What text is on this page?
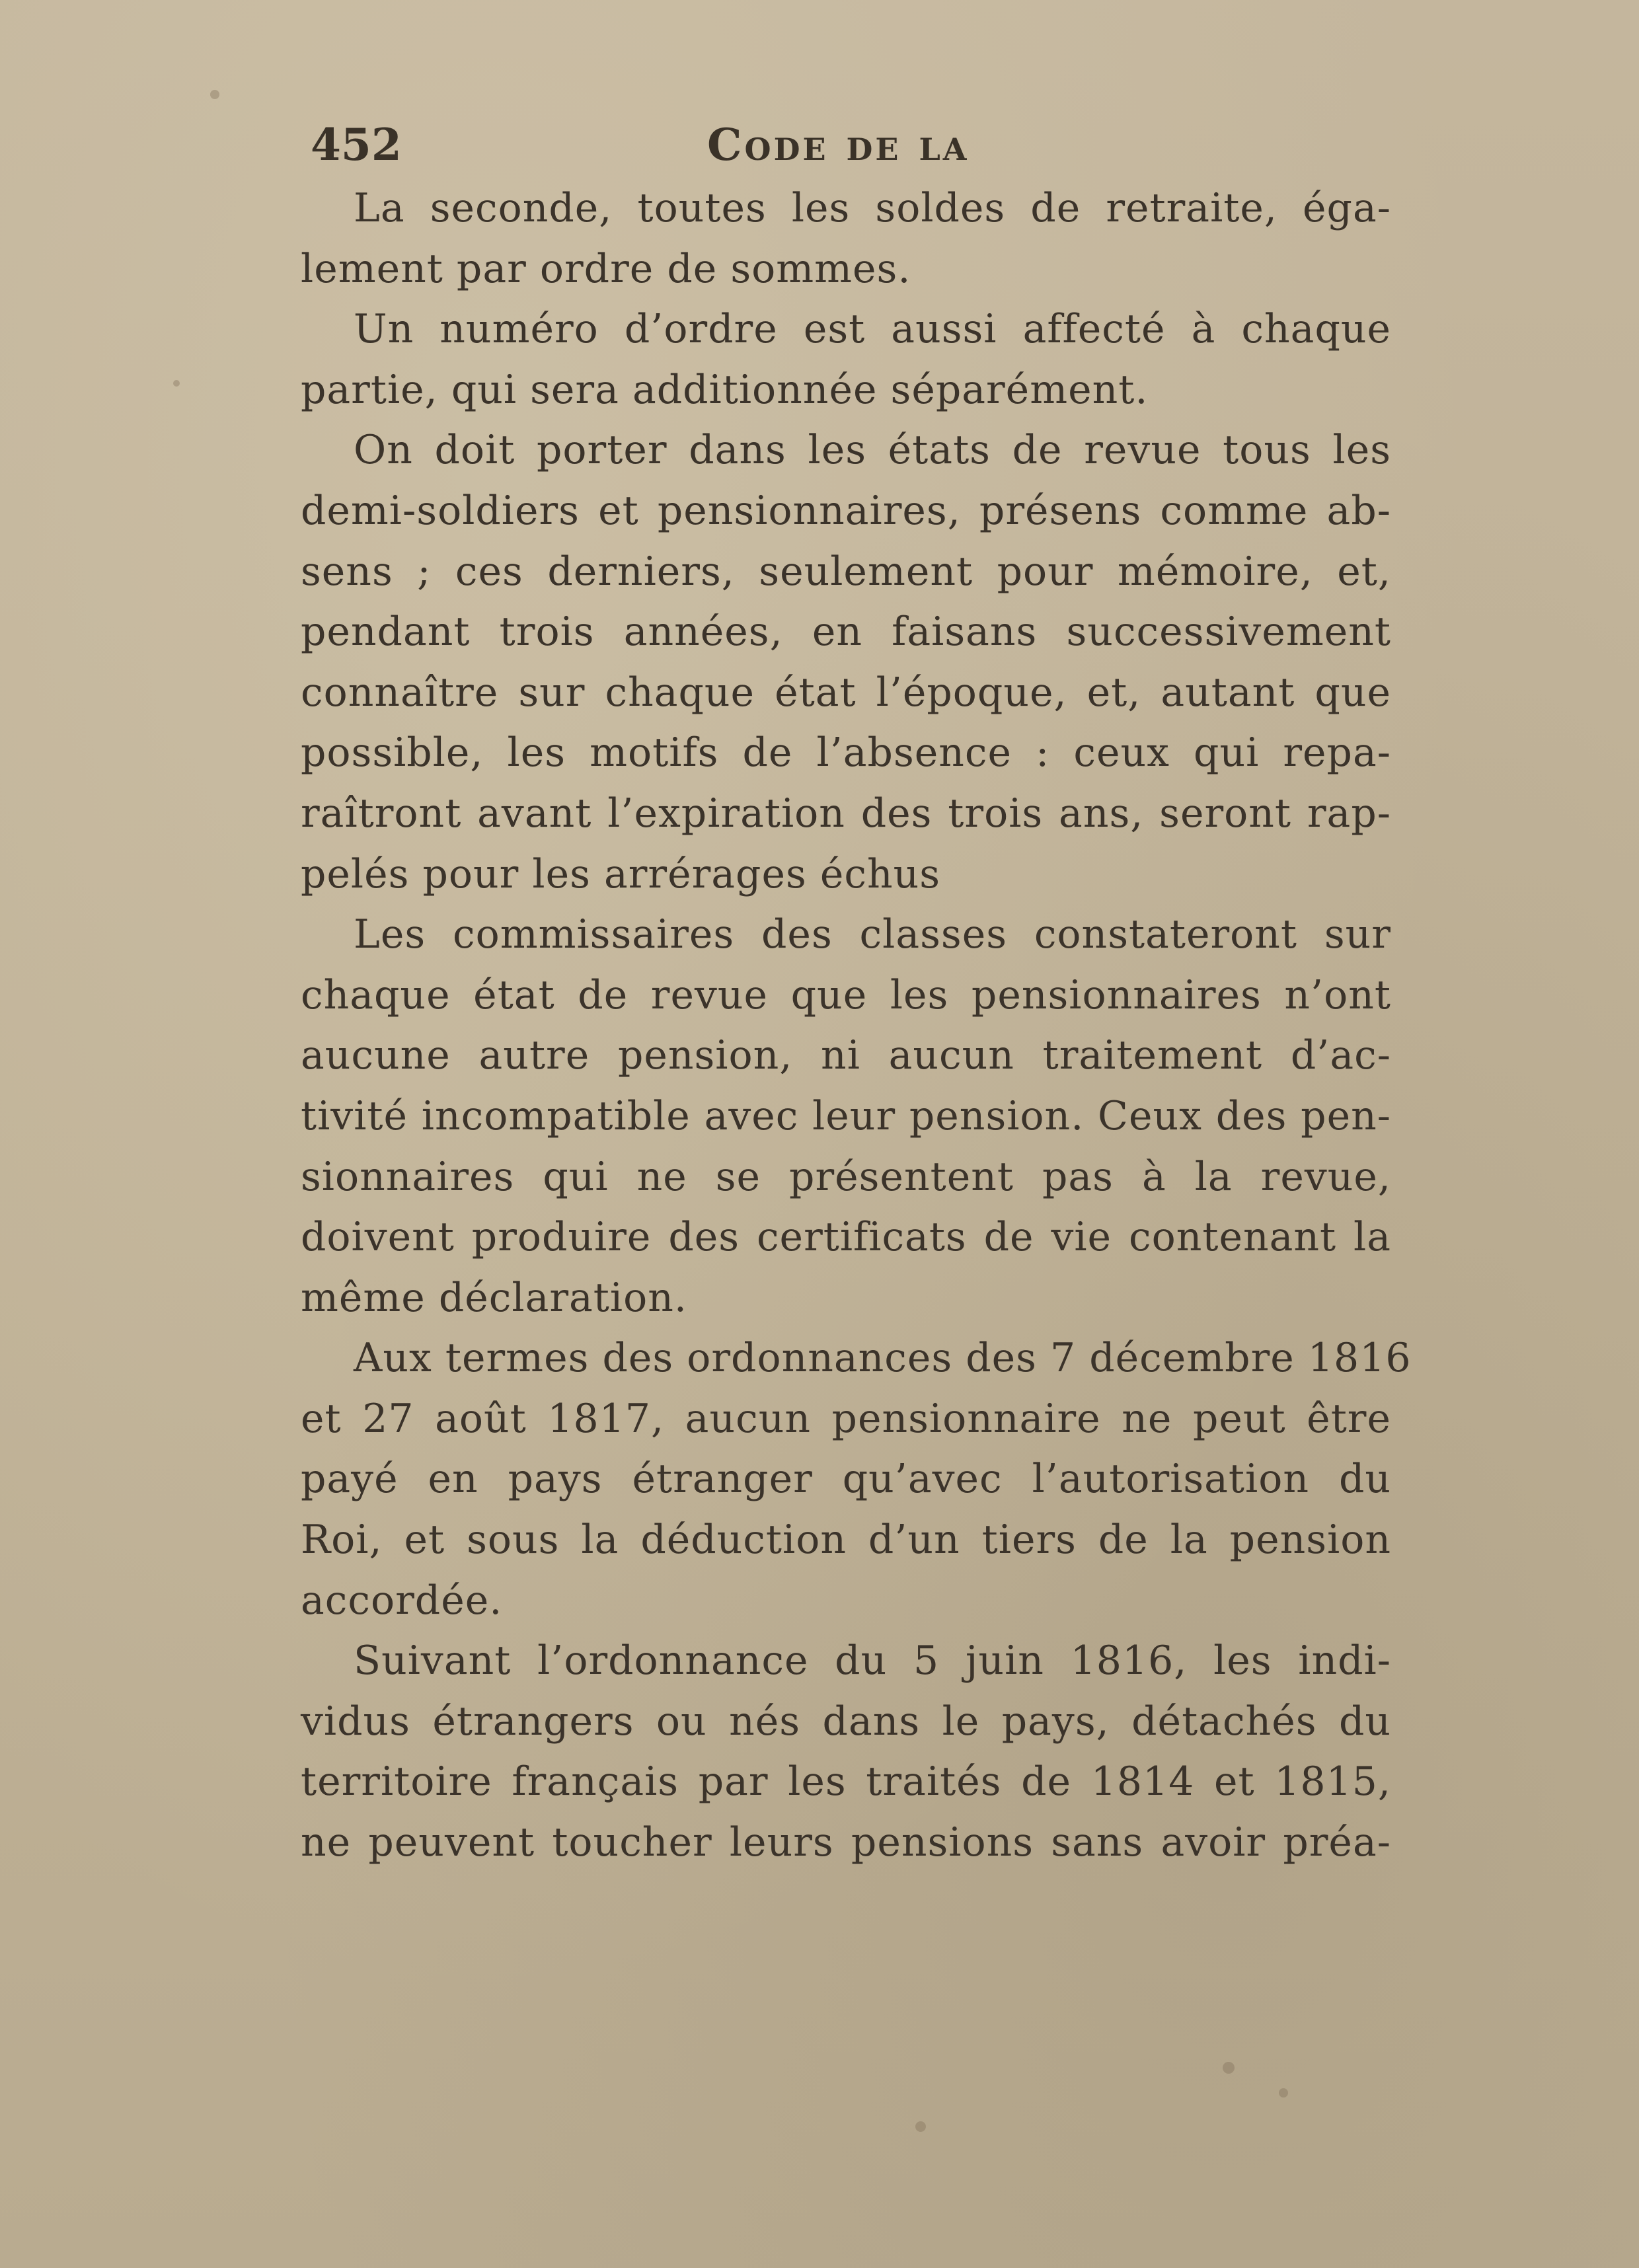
452	Code de la

La seconde, toutes les soldes de retraite, éga-
lement par ordre de sommes.

Un numéro d’ordre est aussi affecté à chaque
partie, qui sera additionnée séparément.

On doit porter dans les états de revue tous les
demi-soldiers et pensionnaires, présens comme ab-
sens ; ces derniers, seulement pour mémoire, et,
pendant trois années, en faisans successivement
connaître sur chaque état l’époque, et, autant que
possible, les motifs de l’absence : ceux qui repa-
raîtront avant l’expiration des trois ans, seront rap-
pelés pour les arrérages échus

Les commissaires des classes constateront sur
chaque état de revue que les pensionnaires n’ont
aucune autre pension, ni aucun traitement d’ac-
tivité incompatible avec leur pension. Ceux des pen-
sionnaires qui ne se présentent pas à la revue,
doivent produire des certificats de vie contenant la
même déclaration.

Aux termes des ordonnances des 7 décembre 1816
et 27 août 1817, aucun pensionnaire ne peut être
payé en pays étranger qu’avec l’autorisation du
Roi, et sous la déduction d’un tiers de la pension
accordée.

Suivant l’ordonnance du 5 juin 1816, les indi-
vidus étrangers ou nés dans le pays, détachés du
territoire français par les traités de 1814 et 1815,
ne peuvent toucher leurs pensions sans avoir préa-
